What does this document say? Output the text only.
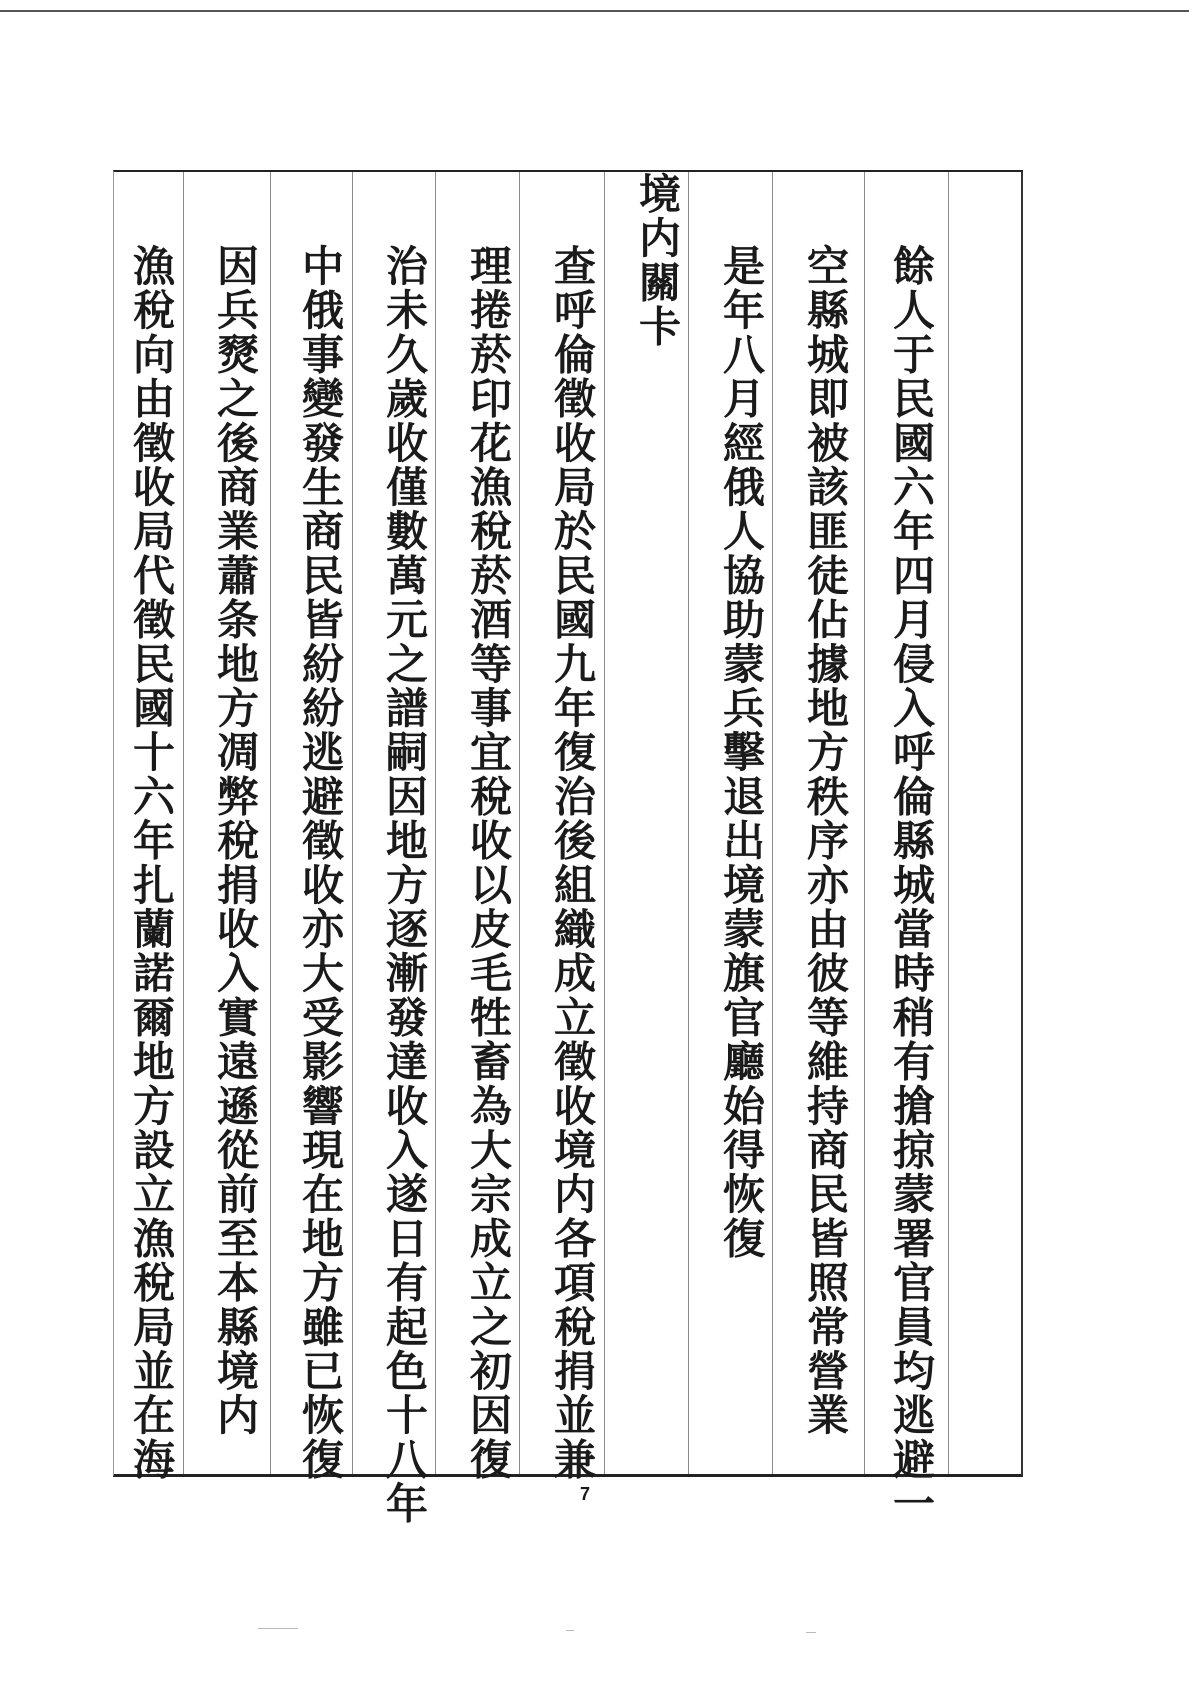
餘人于民國六年四月侵入呼倫縣城當時稍有搶掠蒙署官員均逃避一
空縣城即被該匪徒佔據地方秩序亦由彼等維持商民皆照常營業
是年八月經俄人協助蒙兵擊退出境蒙旗官廳始得恢復
境内關卡
查呼倫徵收局於民國九年復治後組織成立徵收境内各項稅捐並兼
理捲菸印花漁稅菸酒等事宜稅收以皮毛牲畜為大宗成立之初因復
治未久歲收僅數萬元之譜嗣因地方逐漸發達收入遂日有起色十八年
中俄事變發生商民皆紛紛逃避徵收亦大受影響現在地方雖已恢復
因兵燹之後商業蕭条地方凋弊稅捐收入實遠遜從前至本縣境内
漁稅向由徵收局代徵民國十六年扎蘭諾爾地方設立漁稅局並在海
7
